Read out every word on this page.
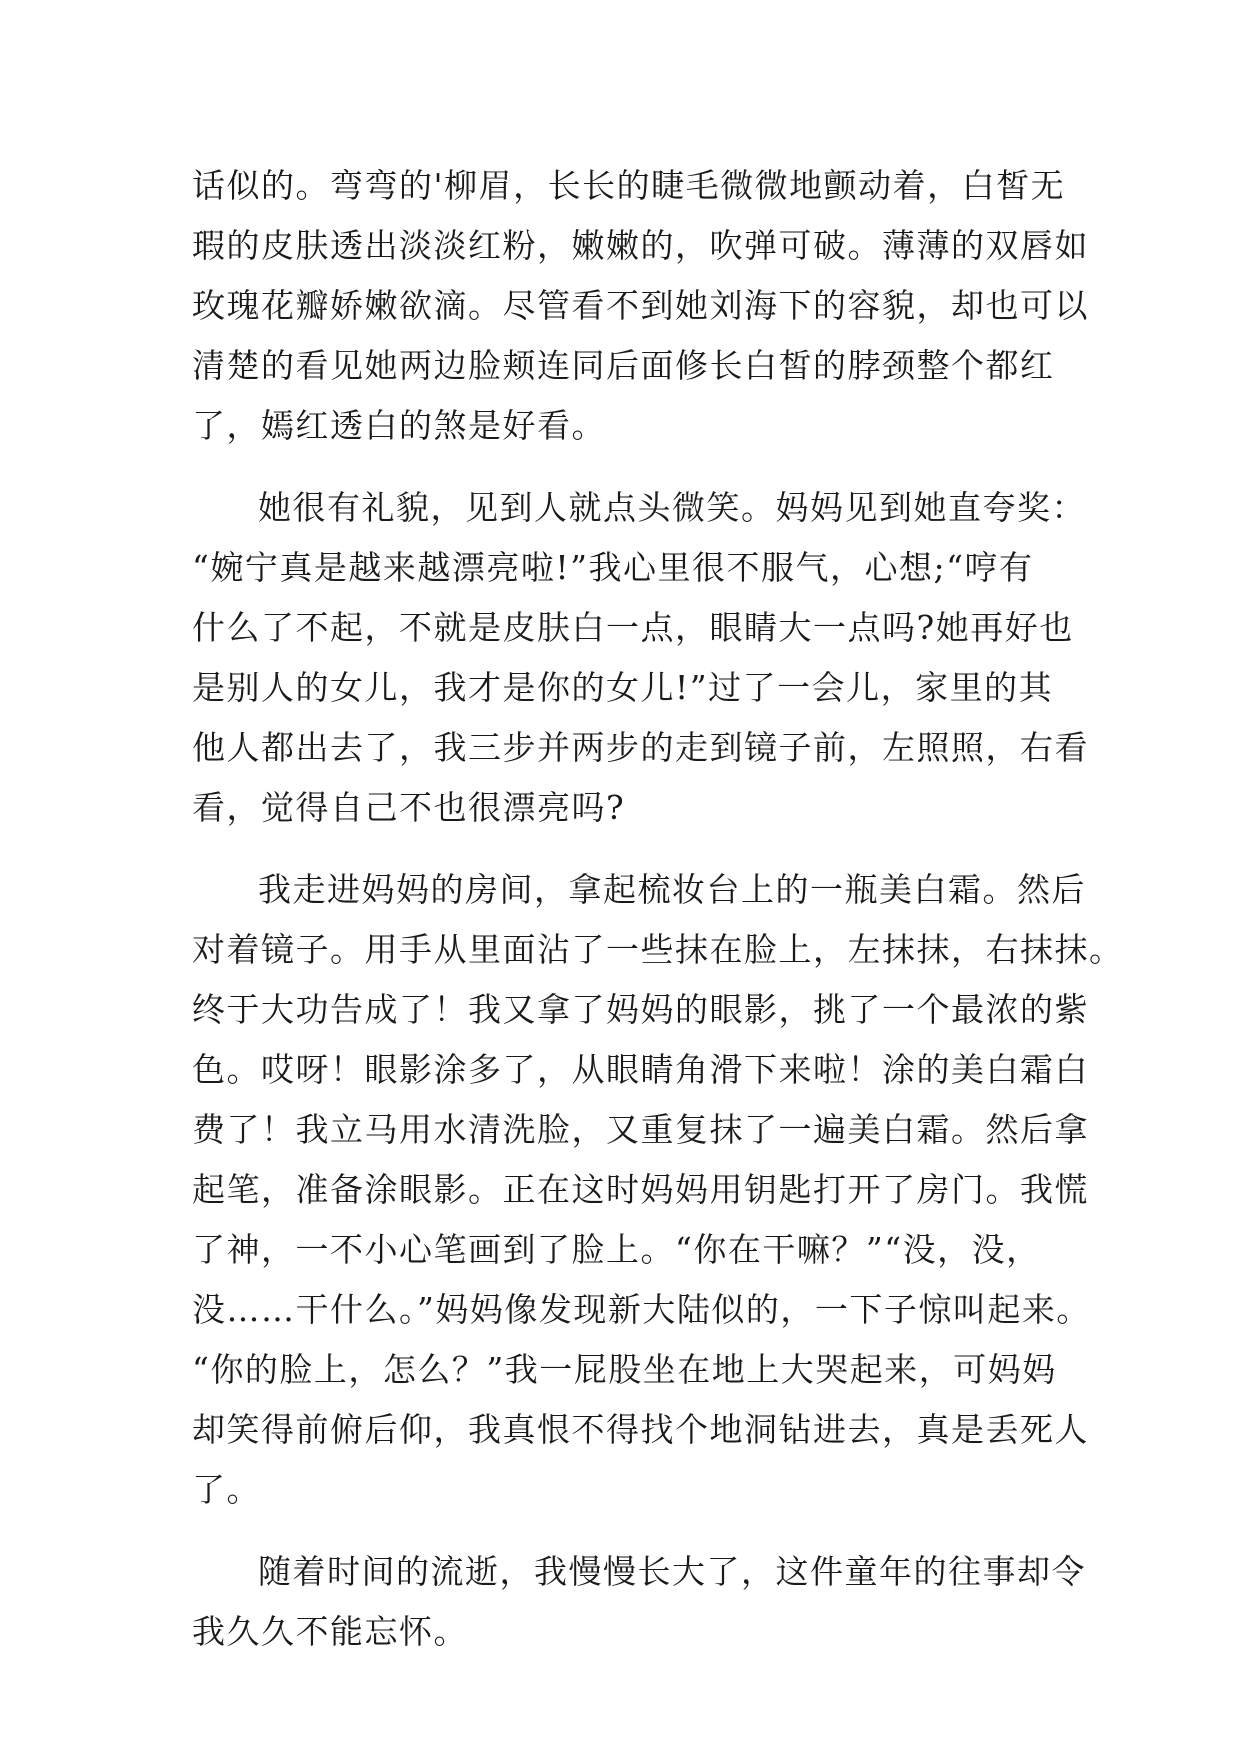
话似的。弯弯的'柳眉，长长的睫毛微微地颤动着，白皙无
瑕的皮肤透出淡淡红粉，嫩嫩的，吹弹可破。薄薄的双唇如
玫瑰花瓣娇嫩欲滴。尽管看不到她刘海下的容貌，却也可以
清楚的看见她两边脸颊连同后面修长白皙的脖颈整个都红
了，嫣红透白的煞是好看。
她很有礼貌，见到人就点头微笑。妈妈见到她直夸奖：
“婉宁真是越来越漂亮啦!”我心里很不服气，心想;“哼有
什么了不起，不就是皮肤白一点，眼睛大一点吗?她再好也
是别人的女儿，我才是你的女儿!”过了一会儿，家里的其
他人都出去了，我三步并两步的走到镜子前，左照照，右看
看，觉得自己不也很漂亮吗?
我走进妈妈的房间，拿起梳妆台上的一瓶美白霜。然后
对着镜子。用手从里面沾了一些抹在脸上，左抹抹，右抹抹。
终于大功告成了！我又拿了妈妈的眼影，挑了一个最浓的紫
色。哎呀！眼影涂多了，从眼睛角滑下来啦！涂的美白霜白
费了！我立马用水清洗脸，又重复抹了一遍美白霜。然后拿
起笔，准备涂眼影。正在这时妈妈用钥匙打开了房门。我慌
了神，一不小心笔画到了脸上。“你在干嘛？”“没，没，
没……干什么。”妈妈像发现新大陆似的，一下子惊叫起来。
“你的脸上，怎么？”我一屁股坐在地上大哭起来，可妈妈
却笑得前俯后仰，我真恨不得找个地洞钻进去，真是丢死人
了。
随着时间的流逝，我慢慢长大了，这件童年的往事却令
我久久不能忘怀。
